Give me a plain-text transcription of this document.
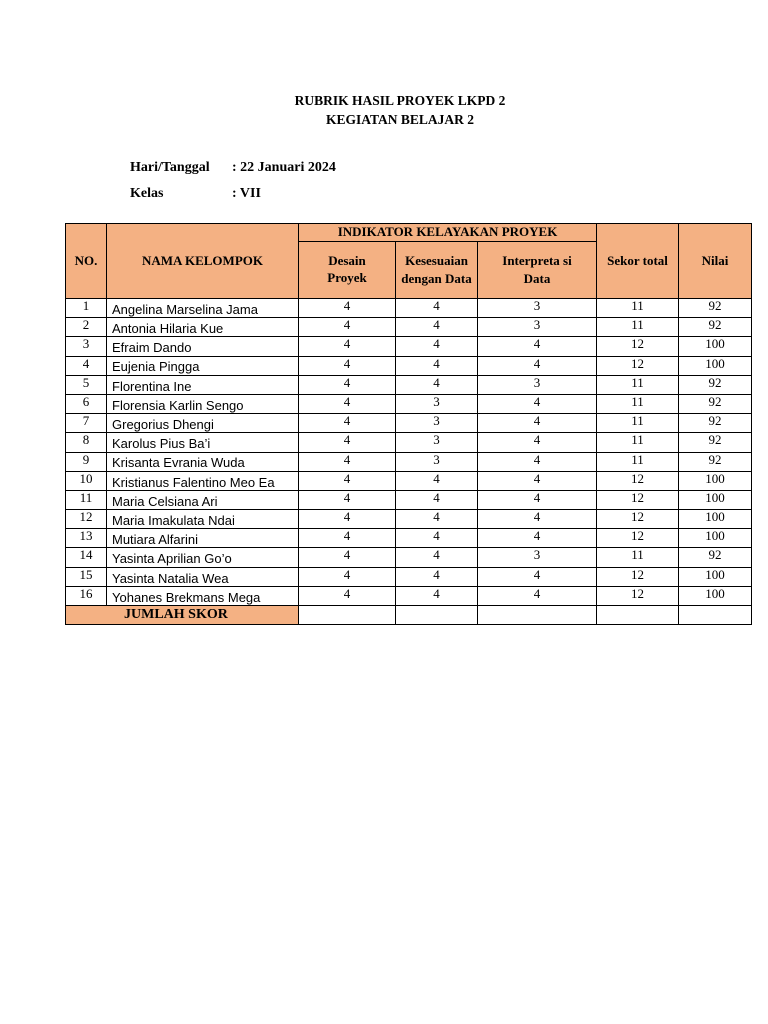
RUBRIK HASIL PROYEK LKPD 2
KEGIATAN BELAJAR 2
Hari/Tanggal : 22 Januari 2024
Kelas	: VII
NO.	NAMA KELOMPOK	INDIKATOR KELAYAKAN PROYEK			Sekor total	Nilai

		Desain Proyek	Kesesuaian dengan Data	Interpreta si Data		

1	Angelina Marselina Jama	4	4	3	11	92
2	Antonia Hilaria Kue	4	4	3	11	92
3	Efraim Dando	4	4	4	12	100
4	Eujenia Pingga	4	4	4	12	100
5	Florentina Ine	4	4	3	11	92
6	Florensia Karlin Sengo	4	3	4	11	92
7	Gregorius Dhengi	4	3	4	11	92
8	Karolus Pius Ba’i	4	3	4	11	92
9	Krisanta Evrania Wuda	4	3	4	11	92
10	Kristianus Falentino Meo Ea	4	4	4	12	100
11	Maria Celsiana Ari	4	4	4	12	100
12	Maria Imakulata Ndai	4	4	4	12	100
13	Mutiara Alfarini	4	4	4	12	100
14	Yasinta Aprilian Go’o	4	4	3	11	92
15	Yasinta Natalia Wea	4	4	4	12	100
16	Yohanes Brekmans Mega	4	4	4	12	100
JUMLAH SKOR						
